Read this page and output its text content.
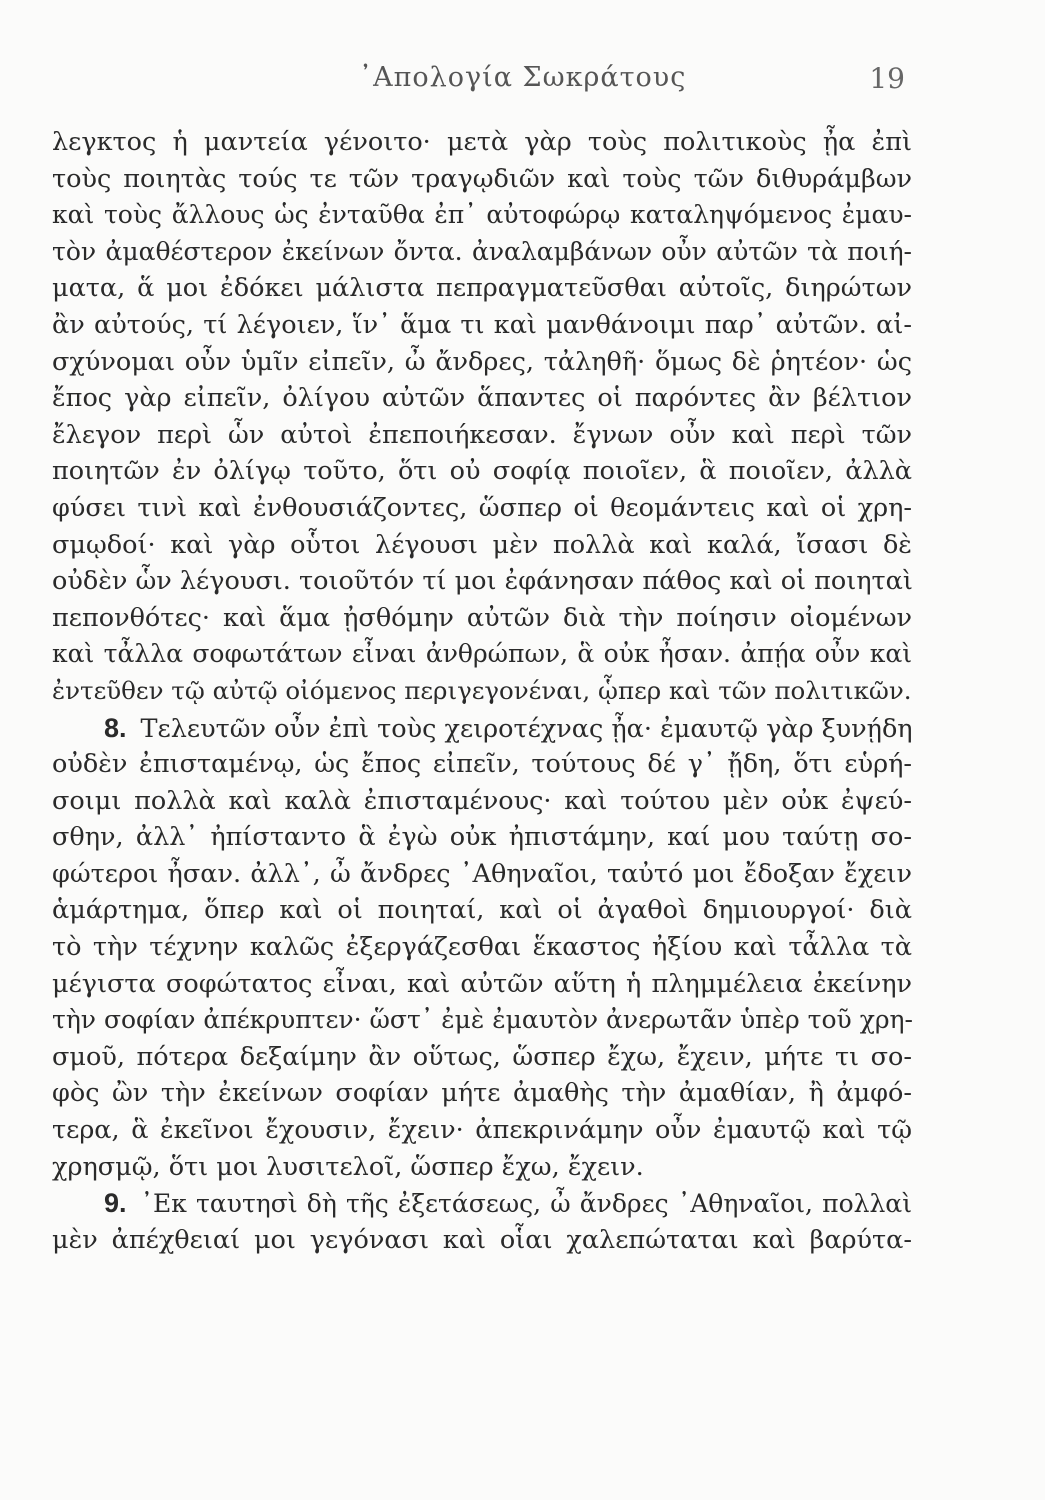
᾿Απολογία Σωκράτους	19
λεγκτος ἡ μαντεία γένοιτο· μετὰ γὰρ τοὺς πολιτικοὺς ᾖα ἐπὶ
τοὺς ποιητὰς τούς τε τῶν τραγῳδιῶν καὶ τοὺς τῶν διθυράμβων
καὶ τοὺς ἄλλους ὡς ἐνταῦθα ἐπ᾿ αὐτοφώρῳ καταληψόμενος ἐμαυ-
τὸν ἀμαθέστερον ἐκείνων ὄντα. ἀναλαμβάνων οὖν αὐτῶν τὰ ποιή-
ματα, ἅ μοι ἐδόκει μάλιστα πεπραγματεῦσθαι αὐτοῖς, διηρώτων
ἂν αὐτούς, τί λέγοιεν, ἵν᾿ ἅμα τι καὶ μανθάνοιμι παρ᾿ αὐτῶν. αἰ-
σχύνομαι οὖν ὑμῖν εἰπεῖν, ὦ ἄνδρες, τἀληθῆ· ὅμως δὲ ῥητέον· ὡς
ἔπος γὰρ εἰπεῖν, ὀλίγου αὐτῶν ἅπαντες οἱ παρόντες ἂν βέλτιον
ἔλεγον περὶ ὧν αὐτοὶ ἐπεποιήκεσαν. ἔγνων οὖν καὶ περὶ τῶν
ποιητῶν ἐν ὀλίγῳ τοῦτο, ὅτι οὐ σοφίᾳ ποιοῖεν, ἃ ποιοῖεν, ἀλλὰ
φύσει τινὶ καὶ ἐνθουσιάζοντες, ὥσπερ οἱ θεομάντεις καὶ οἱ χρη-
σμῳδοί· καὶ γὰρ οὗτοι λέγουσι μὲν πολλὰ καὶ καλά, ἴσασι δὲ
οὐδὲν ὧν λέγουσι. τοιοῦτόν τί μοι ἐφάνησαν πάθος καὶ οἱ ποιηταὶ
πεπονθότες· καὶ ἅμα ᾐσθόμην αὐτῶν διὰ τὴν ποίησιν οἰομένων
καὶ τἆλλα σοφωτάτων εἶναι ἀνθρώπων, ἃ οὐκ ἦσαν. ἀπῄα οὖν καὶ
ἐντεῦθεν τῷ αὐτῷ οἰόμενος περιγεγονέναι, ᾧπερ καὶ τῶν πολιτικῶν.
8. Τελευτῶν οὖν ἐπὶ τοὺς χειροτέχνας ᾖα· ἐμαυτῷ γὰρ ξυνῄδη
οὐδὲν ἐπισταμένῳ, ὡς ἔπος εἰπεῖν, τούτους δέ γ᾿ ᾔδη, ὅτι εὑρή-
σοιμι πολλὰ καὶ καλὰ ἐπισταμένους· καὶ τούτου μὲν οὐκ ἐψεύ-
σθην, ἀλλ᾿ ἠπίσταντο ἃ ἐγὼ οὐκ ἠπιστάμην, καί μου ταύτῃ σο-
φώτεροι ἦσαν. ἀλλ᾿, ὦ ἄνδρες ᾿Αθηναῖοι, ταὐτό μοι ἔδοξαν ἔχειν
ἁμάρτημα, ὅπερ καὶ οἱ ποιηταί, καὶ οἱ ἀγαθοὶ δημιουργοί· διὰ
τὸ τὴν τέχνην καλῶς ἐξεργάζεσθαι ἕκαστος ἠξίου καὶ τἆλλα τὰ
μέγιστα σοφώτατος εἶναι, καὶ αὐτῶν αὕτη ἡ πλημμέλεια ἐκείνην
τὴν σοφίαν ἀπέκρυπτεν· ὥστ᾿ ἐμὲ ἐμαυτὸν ἀνερωτᾶν ὑπὲρ τοῦ χρη-
σμοῦ, πότερα δεξαίμην ἂν οὕτως, ὥσπερ ἔχω, ἔχειν, μήτε τι σο-
φὸς ὢν τὴν ἐκείνων σοφίαν μήτε ἀμαθὴς τὴν ἀμαθίαν, ἢ ἀμφό-
τερα, ἃ ἐκεῖνοι ἔχουσιν, ἔχειν· ἀπεκρινάμην οὖν ἐμαυτῷ καὶ τῷ
χρησμῷ, ὅτι μοι λυσιτελοῖ, ὥσπερ ἔχω, ἔχειν.
9. ᾿Εκ ταυτησὶ δὴ τῆς ἐξετάσεως, ὦ ἄνδρες ᾿Αθηναῖοι, πολλαὶ
μὲν ἀπέχθειαί μοι γεγόνασι καὶ οἷαι χαλεπώταται καὶ βαρύτα-
